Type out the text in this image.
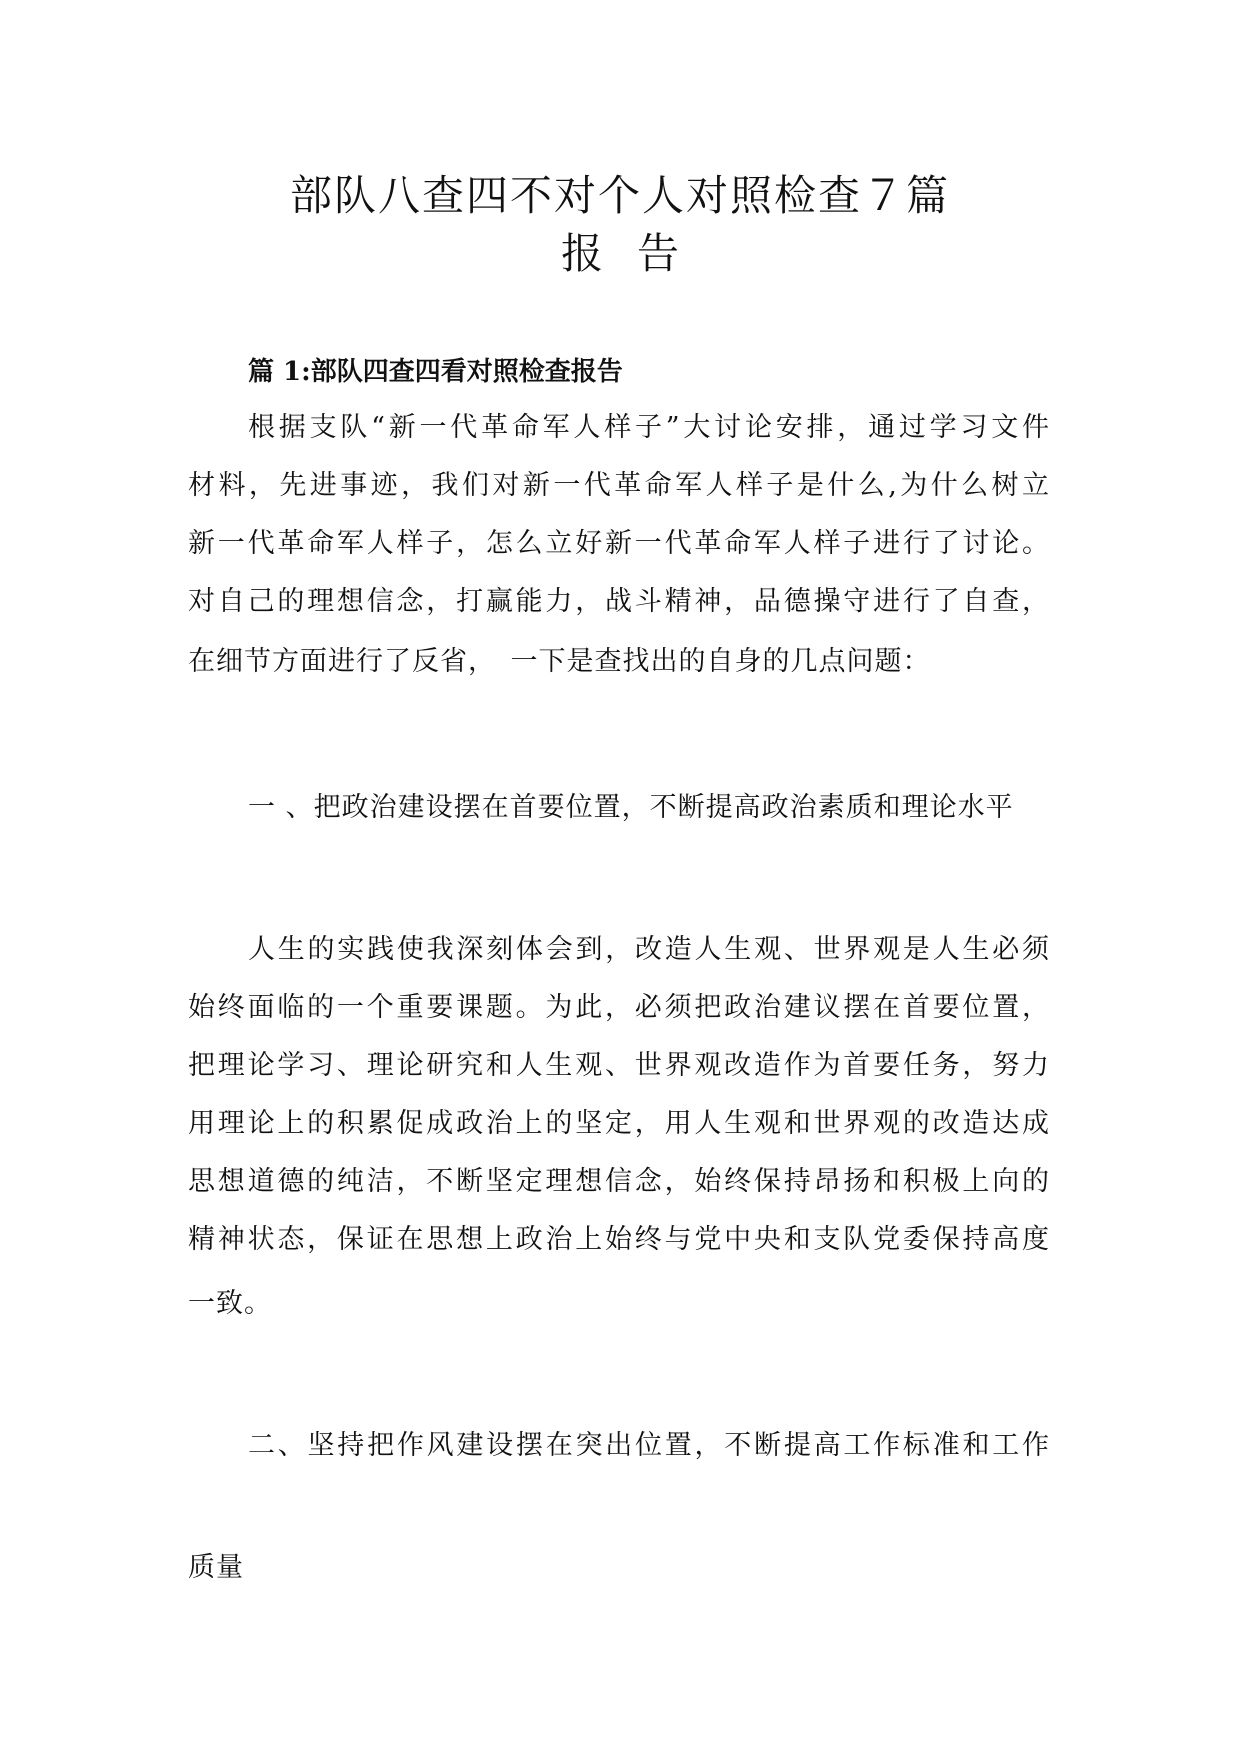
部队八查四不对个人对照检查７篇
报告
篇 1:部队四查四看对照检查报告
根据支队“新一代革命军人样子”大讨论安排，通过学习文件
材料，先进事迹，我们对新一代革命军人样子是什么,为什么树立
新一代革命军人样子，怎么立好新一代革命军人样子进行了讨论。
对自己的理想信念，打赢能力，战斗精神，品德操守进行了自查，
在细节方面进行了反省，　一下是查找出的自身的几点问题：
一 、把政治建设摆在首要位置，不断提高政治素质和理论水平
人生的实践使我深刻体会到，改造人生观、世界观是人生必须
始终面临的一个重要课题。为此，必须把政治建议摆在首要位置，
把理论学习、理论研究和人生观、世界观改造作为首要任务，努力
用理论上的积累促成政治上的坚定，用人生观和世界观的改造达成
思想道德的纯洁，不断坚定理想信念，始终保持昂扬和积极上向的
精神状态，保证在思想上政治上始终与党中央和支队党委保持高度
一致。
二、坚持把作风建设摆在突出位置，不断提高工作标准和工作
质量
